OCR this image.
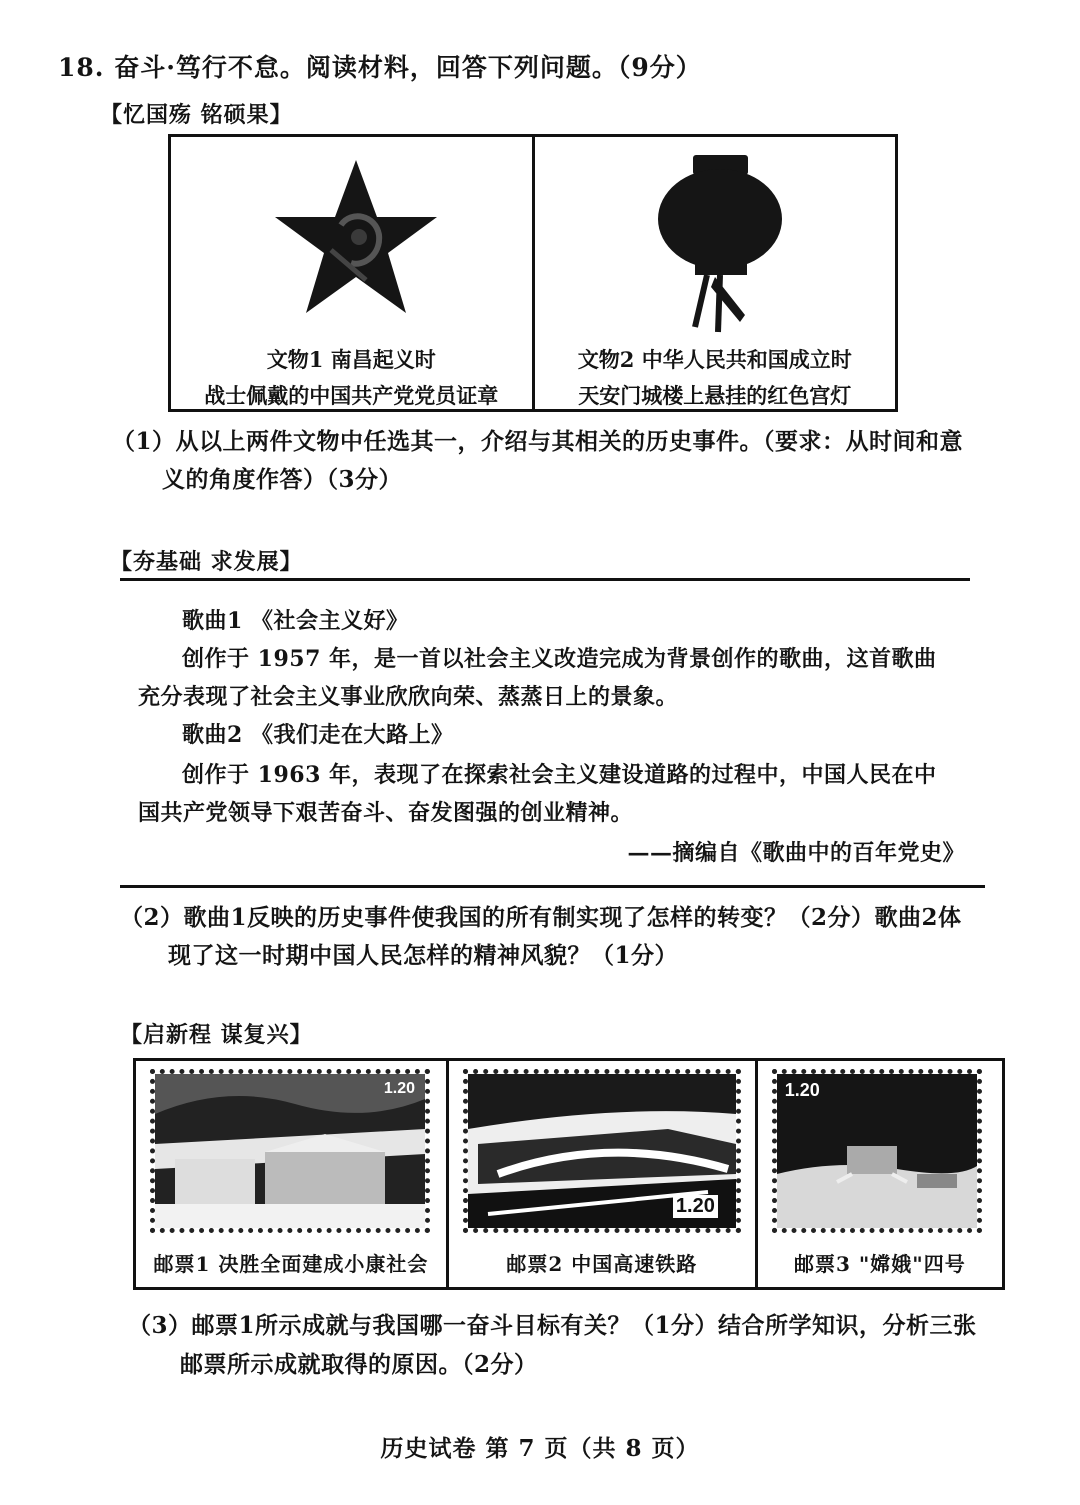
18. 奋斗·笃行不怠。阅读材料，回答下列问题。（9分）
【忆国殇 铭硕果】
文物1 南昌起义时
战士佩戴的中国共产党党员证章
文物2 中华人民共和国成立时
天安门城楼上悬挂的红色宫灯
（1）从以上两件文物中任选其一，介绍与其相关的历史事件。（要求：从时间和意
义的角度作答）（3分）
【夯基础 求发展】
歌曲1 《社会主义好》
创作于 1957 年，是一首以社会主义改造完成为背景创作的歌曲，这首歌曲
充分表现了社会主义事业欣欣向荣、蒸蒸日上的景象。
歌曲2 《我们走在大路上》
创作于 1963 年，表现了在探索社会主义建设道路的过程中，中国人民在中
国共产党领导下艰苦奋斗、奋发图强的创业精神。
——摘编自《歌曲中的百年党史》
（2）歌曲1反映的历史事件使我国的所有制实现了怎样的转变？（2分）歌曲2体
现了这一时期中国人民怎样的精神风貌？（1分）
【启新程 谋复兴】
1.20
邮票1 决胜全面建成小康社会
1.20
邮票2 中国高速铁路
1.20
邮票3 "嫦娥"四号
（3）邮票1所示成就与我国哪一奋斗目标有关？（1分）结合所学知识，分析三张
邮票所示成就取得的原因。（2分）
历史试卷 第 7 页（共 8 页）
